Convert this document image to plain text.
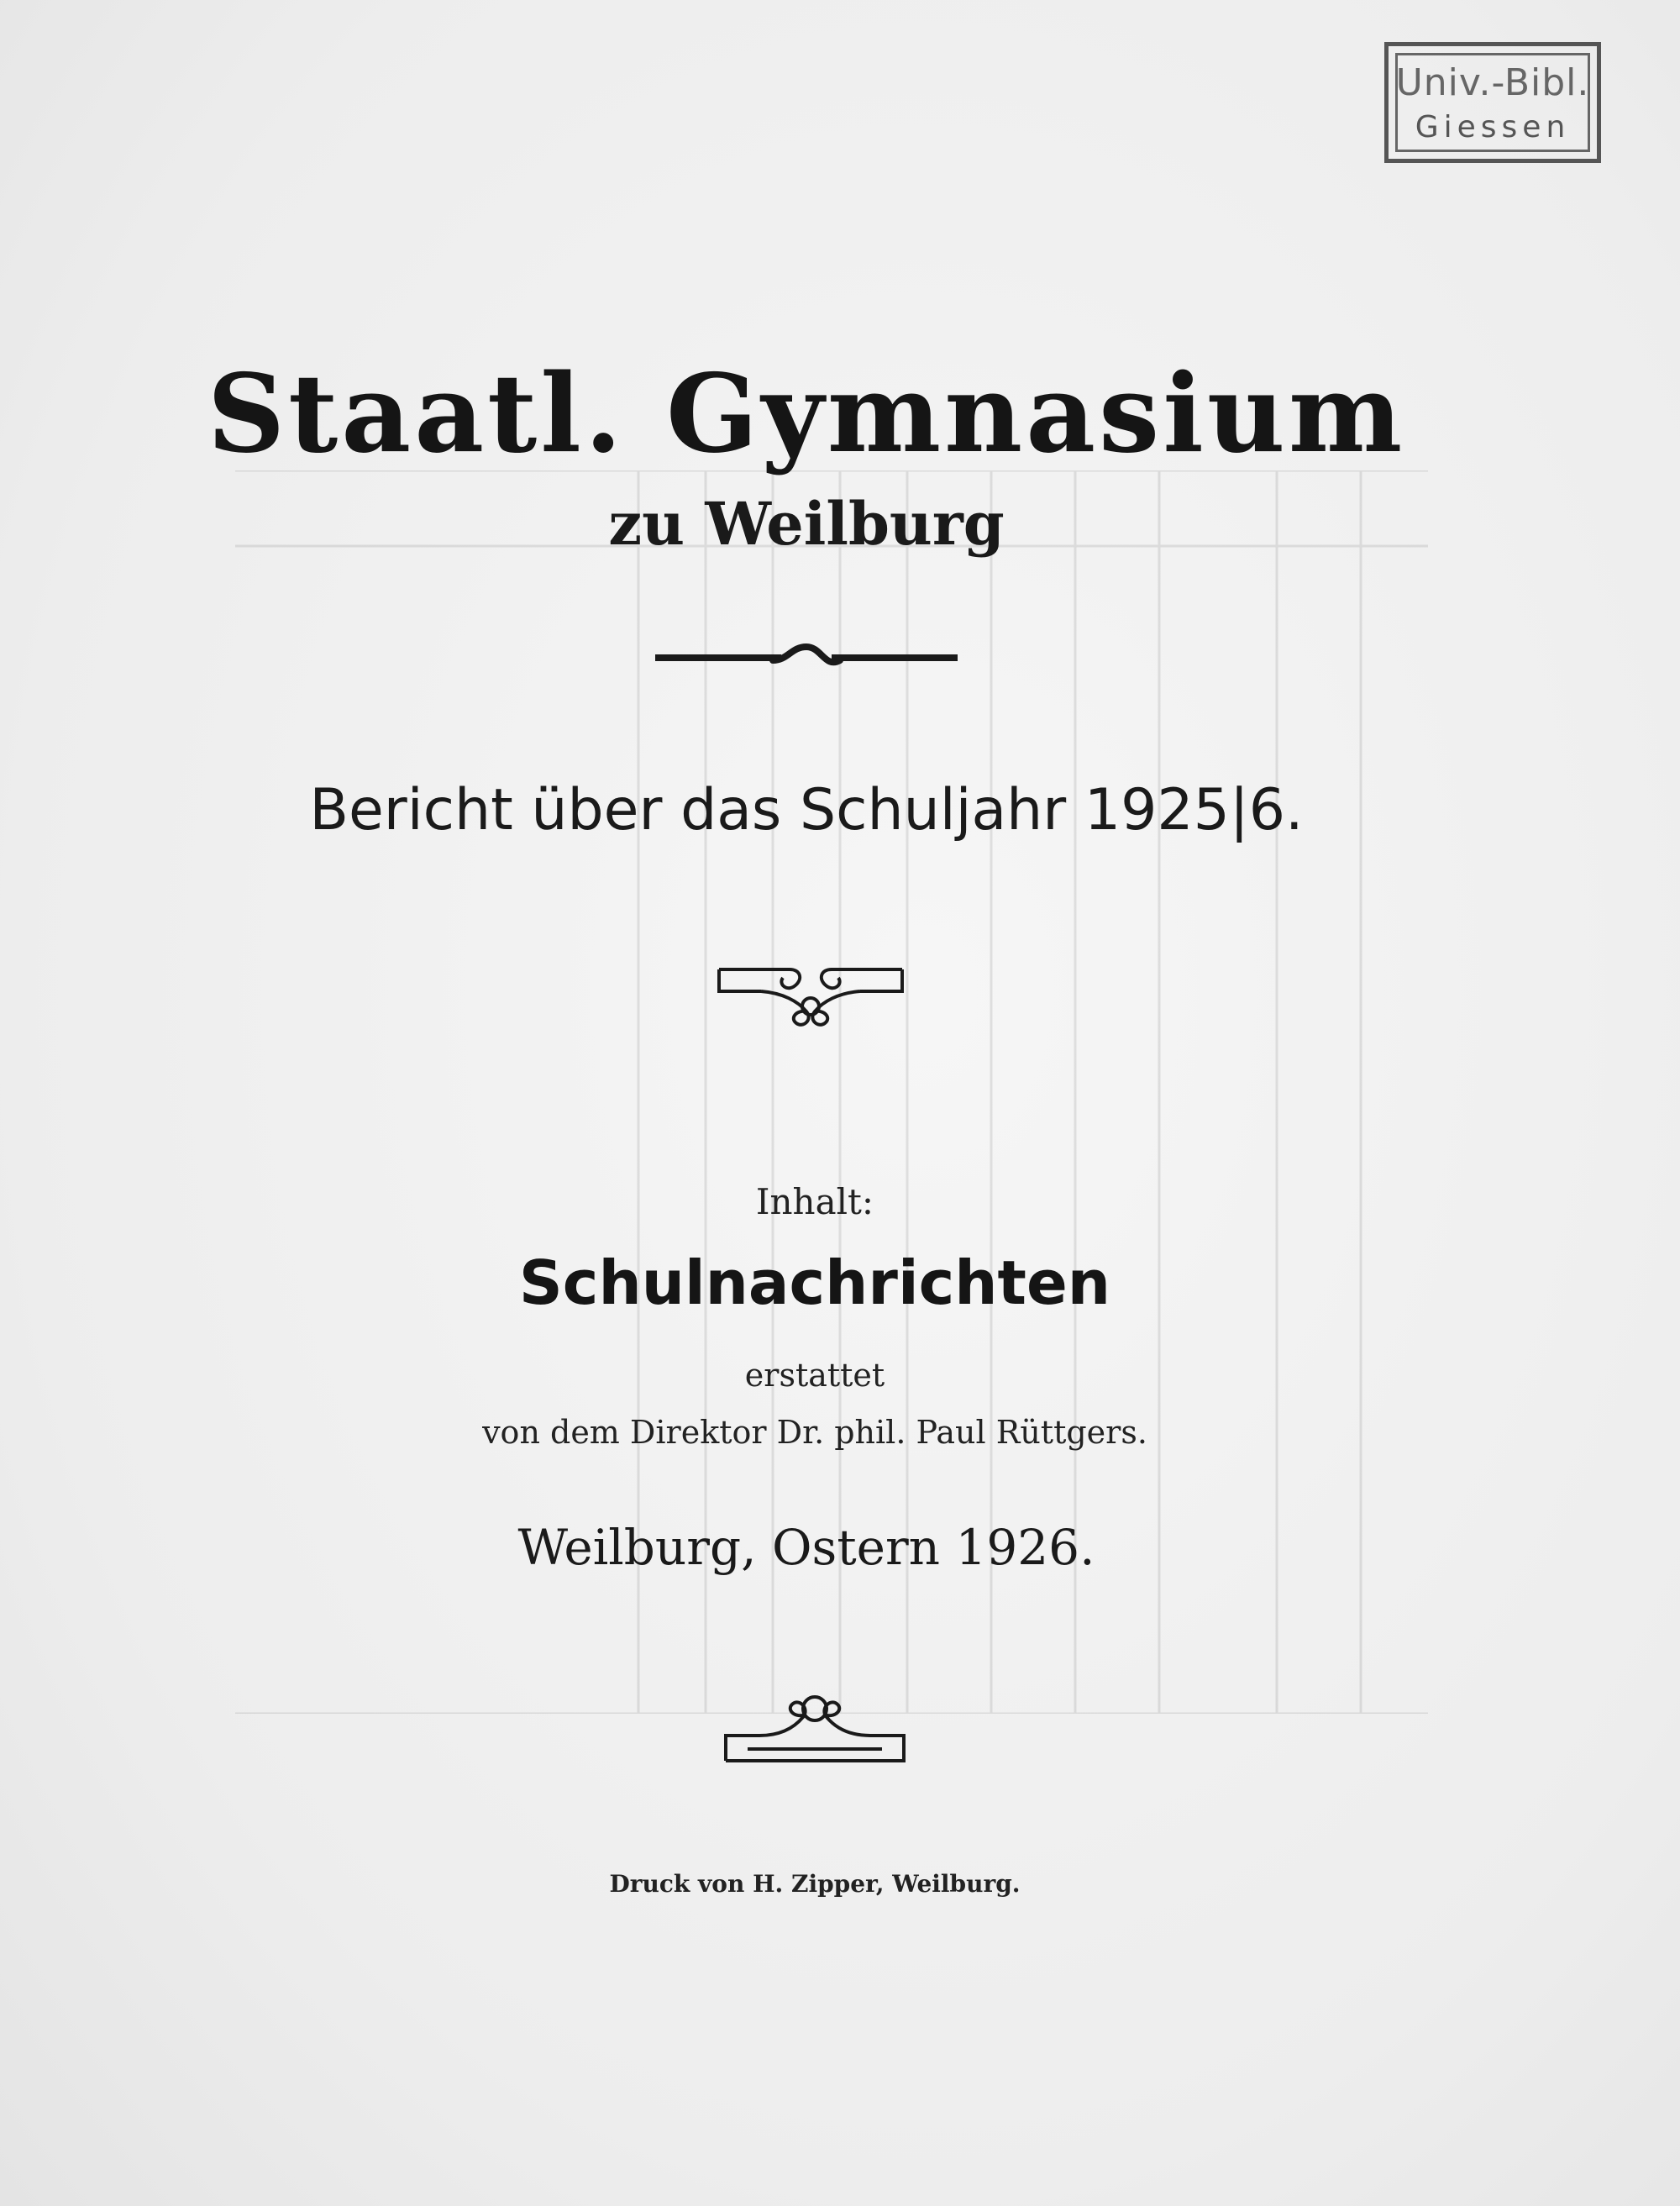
Univ.-Bibl.
Giessen
Staatl. Gymnasium
zu Weilburg
Bericht über das Schuljahr 1925|6.
Inhalt:
Schulnachrichten
erstattet
von dem Direktor Dr. phil. Paul Rüttgers.
Weilburg, Ostern 1926.
Druck von H. Zipper, Weilburg.
